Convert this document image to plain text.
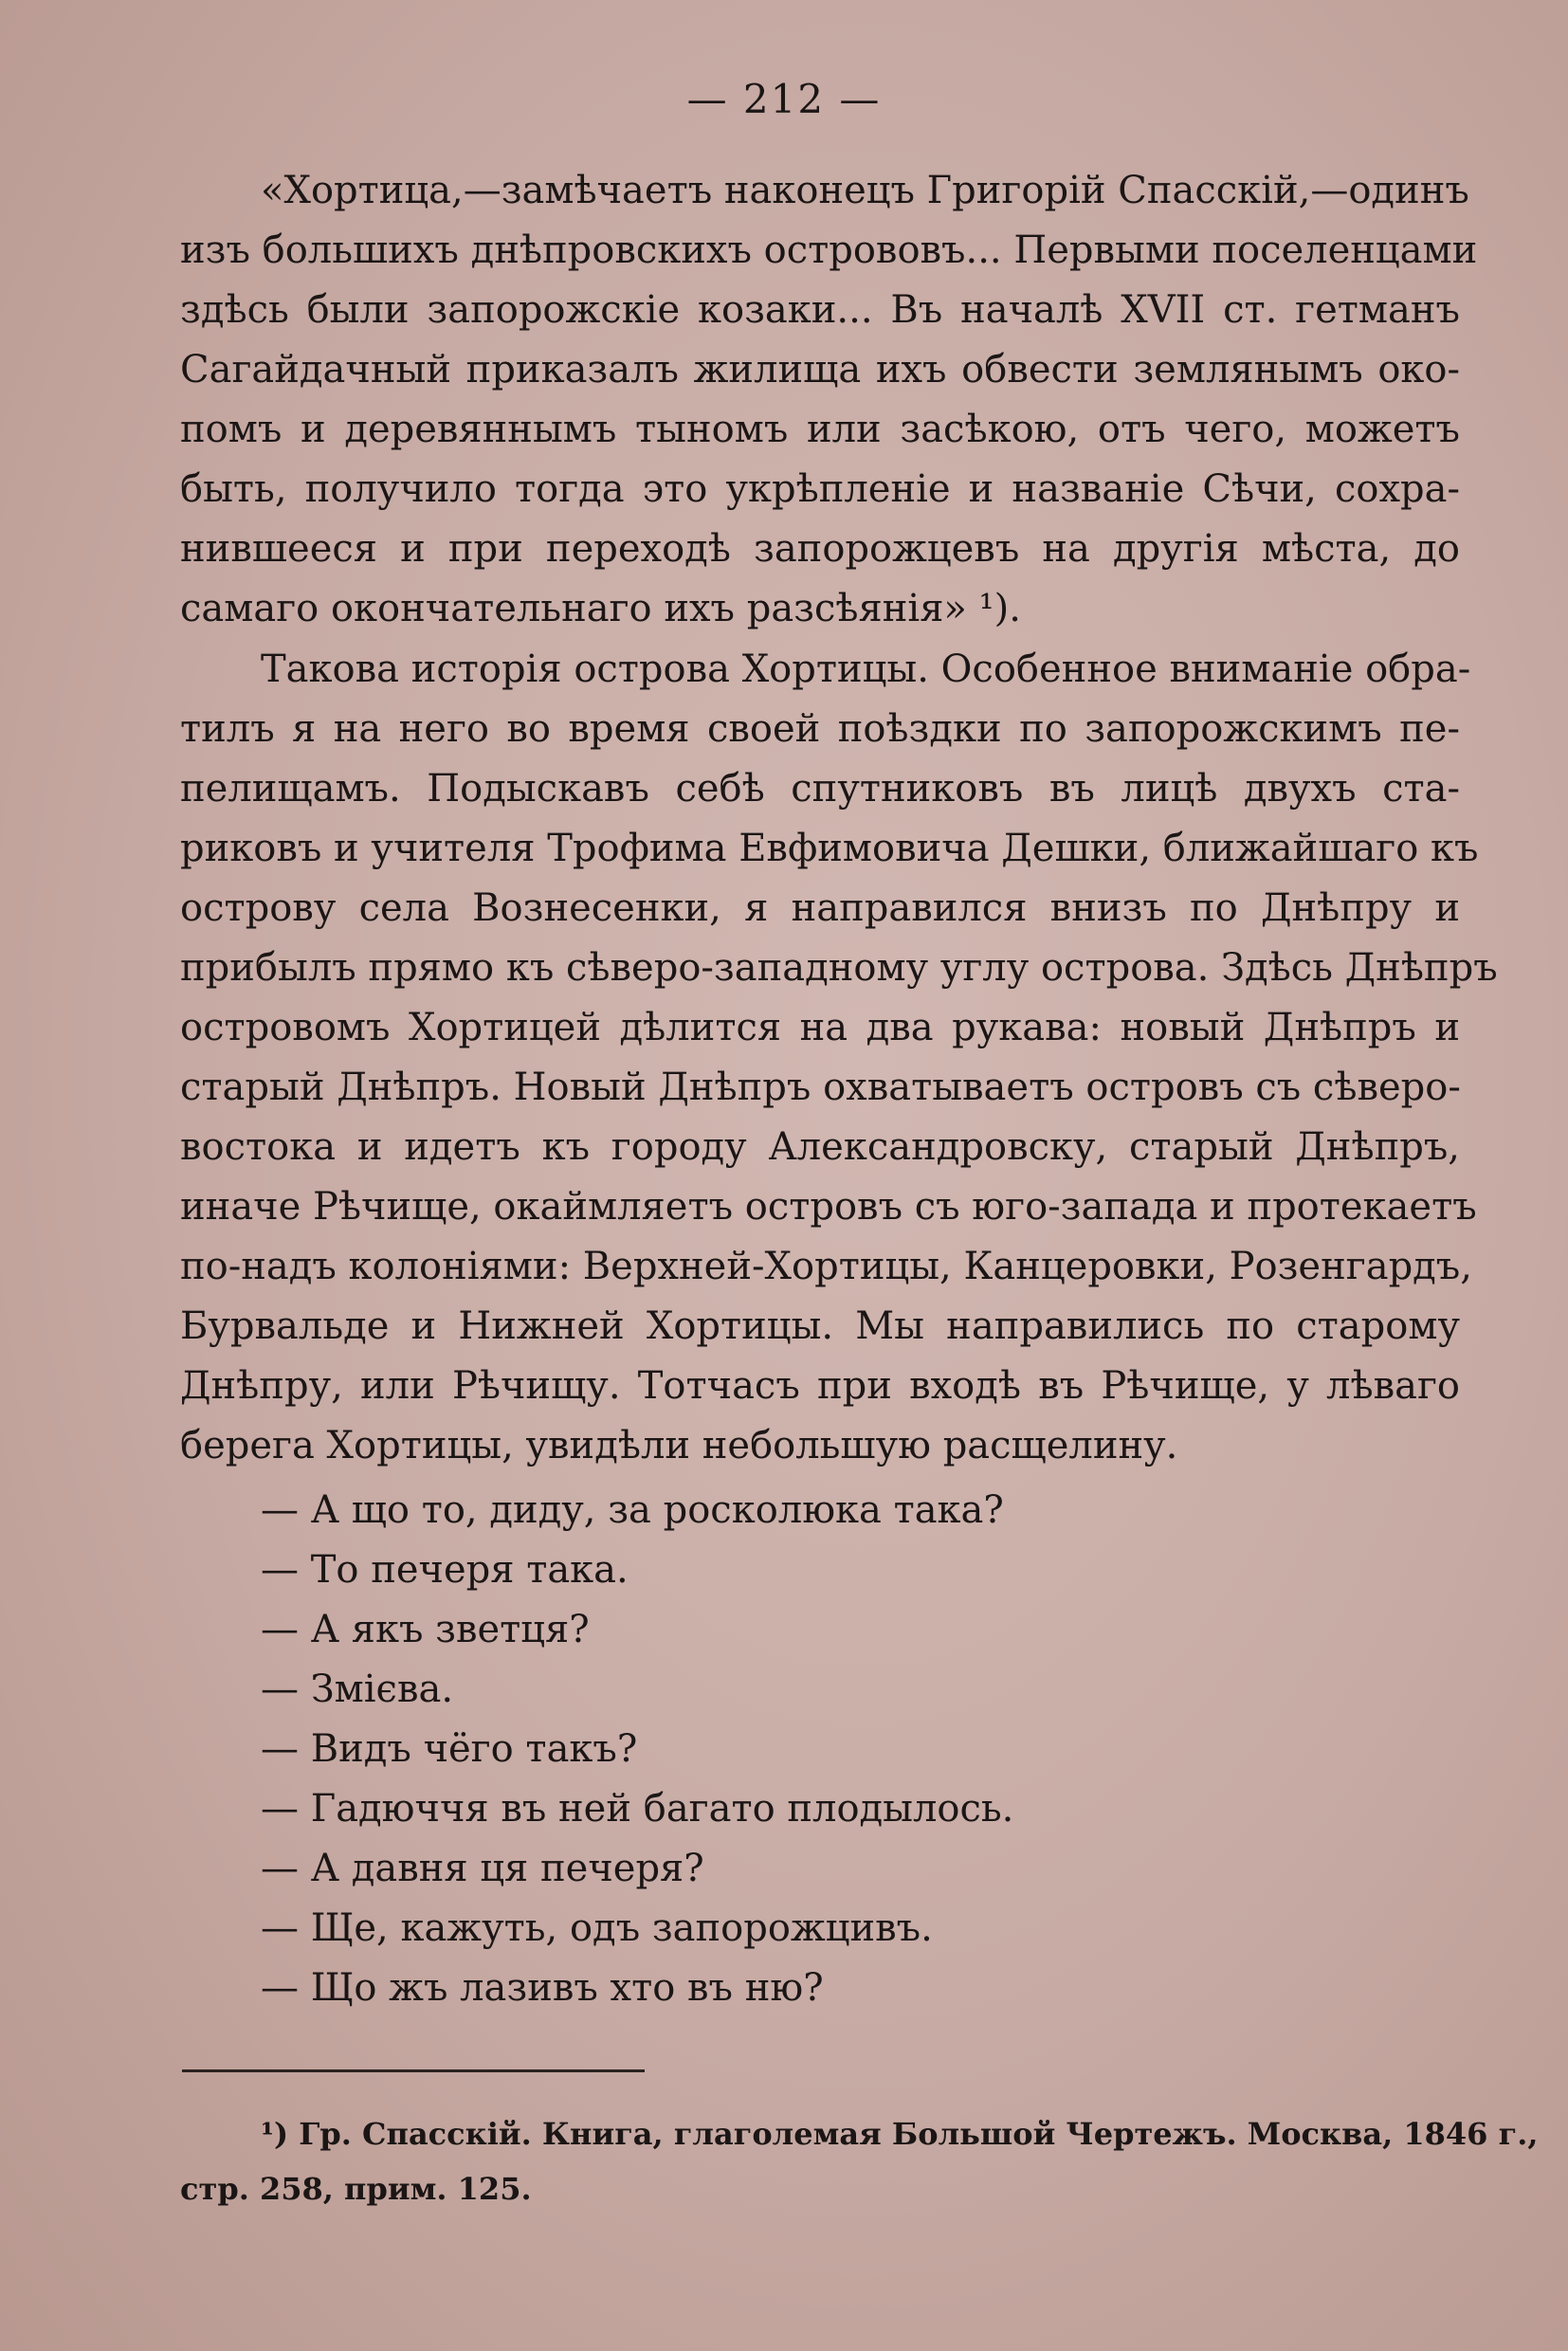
— 212 —
«Хортица,—замѣчаетъ наконецъ Григорій Спасскій,—одинъ
изъ большихъ днѣпровскихъ острововъ... Первыми поселенцами
здѣсь были запорожскіе козаки... Въ началѣ XVII ст. гетманъ
Сагайдачный приказалъ жилища ихъ обвести землянымъ око-
помъ и деревяннымъ тыномъ или засѣкою, отъ чего, можетъ
быть, получило тогда это укрѣпленіе и названіе Сѣчи, сохра-
нившееся и при переходѣ запорожцевъ на другія мѣста, до
самаго окончательнаго ихъ разсѣянія» ¹).
Такова исторія острова Хортицы. Особенное вниманіе обра-
тилъ я на него во время своей поѣздки по запорожскимъ пе-
пелищамъ. Подыскавъ себѣ спутниковъ въ лицѣ двухъ ста-
риковъ и учителя Трофима Евфимовича Дешки, ближайшаго къ
острову села Вознесенки, я направился внизъ по Днѣпру и
прибылъ прямо къ сѣверо-западному углу острова. Здѣсь Днѣпръ
островомъ Хортицей дѣлится на два рукава: новый Днѣпръ и
старый Днѣпръ. Новый Днѣпръ охватываетъ островъ съ сѣверо-
востока и идетъ къ городу Александровску, старый Днѣпръ,
иначе Рѣчище, окаймляетъ островъ съ юго-запада и протекаетъ
по-надъ колоніями: Верхней-Хортицы, Канцеровки, Розенгардъ,
Бурвальде и Нижней Хортицы. Мы направились по старому
Днѣпру, или Рѣчищу. Тотчасъ при входѣ въ Рѣчище, у лѣваго
берега Хортицы, увидѣли небольшую расщелину.
— А що то, диду, за росколюка така?
— То печеря така.
— А якъ зветця?
— Змієва.
— Видъ чёго такъ?
— Гадюччя въ ней багато плодылось.
— А давня ця печеря?
— Ще, кажуть, одъ запорожцивъ.
— Що жъ лазивъ хто въ ню?
¹) Гр. Спасскій. Книга, глаголемая Большой Чертежъ. Москва, 1846 г.,
стр. 258, прим. 125.
